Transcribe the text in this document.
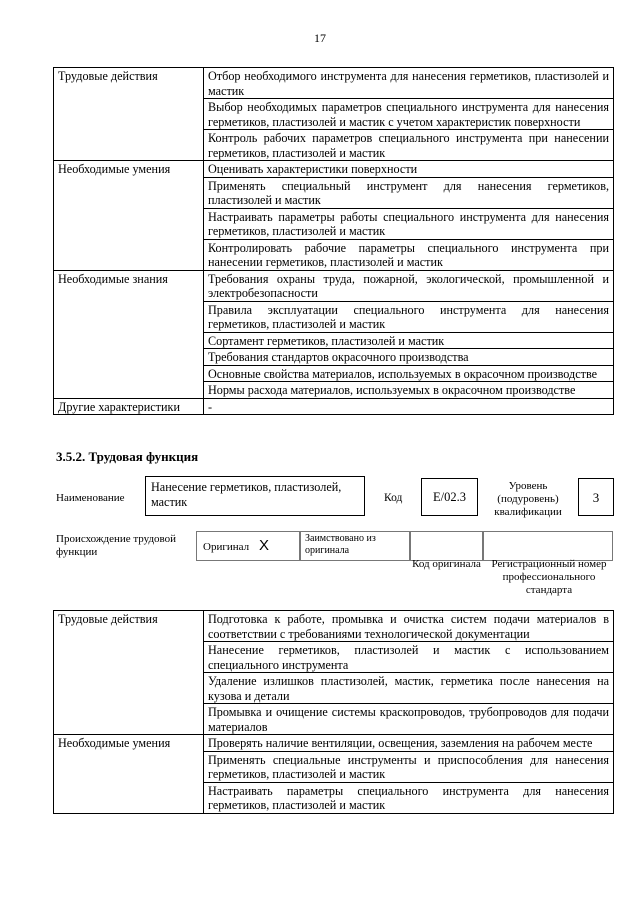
17
Трудовые действия	Отбор необходимого инструмента для нанесения герметиков, пластизолей и мастик
	Выбор необходимых параметров специального инструмента для нанесения герметиков, пластизолей и мастик с учетом характеристик поверхности
	Контроль рабочих параметров специального инструмента при нанесении герметиков, пластизолей и мастик
Необходимые умения	Оценивать характеристики поверхности
	Применять специальный инструмент для нанесения герметиков, пластизолей и мастик
	Настраивать параметры работы специального инструмента для нанесения герметиков, пластизолей и мастик
	Контролировать рабочие параметры специального инструмента при нанесении герметиков, пластизолей и мастик
Необходимые знания	Требования охраны труда, пожарной, экологической, промышленной и электробезопасности
	Правила эксплуатации специального инструмента для нанесения герметиков, пластизолей и мастик
	Сортамент герметиков, пластизолей и мастик
	Требования стандартов окрасочного производства
	Основные свойства материалов, используемых в окрасочном производстве
	Нормы расхода материалов, используемых в окрасочном производстве
Другие характеристики	-
3.5.2. Трудовая функция
Наименование
Нанесение герметиков, пластизолей, мастик	Код	E/02.3
Уровень (подуровень) квалификации
3
Происхождение трудовой функции	Оригинал X	Заимствовано из оригинала
Код оригинала Регистрационный номер профессионального стандарта
Трудовые действия	Подготовка к работе, промывка и очистка систем подачи материалов в соответствии с требованиями технологической документации
	Нанесение герметиков, пластизолей и мастик с использованием специального инструмента
	Удаление излишков пластизолей, мастик, герметика после нанесения на кузова и детали
	Промывка и очищение системы краскопроводов, трубопроводов для подачи материалов
Необходимые умения	Проверять наличие вентиляции, освещения, заземления на рабочем месте
	Применять специальные инструменты и приспособления для нанесения герметиков, пластизолей и мастик
	Настраивать параметры специального инструмента для нанесения герметиков, пластизолей и мастик
